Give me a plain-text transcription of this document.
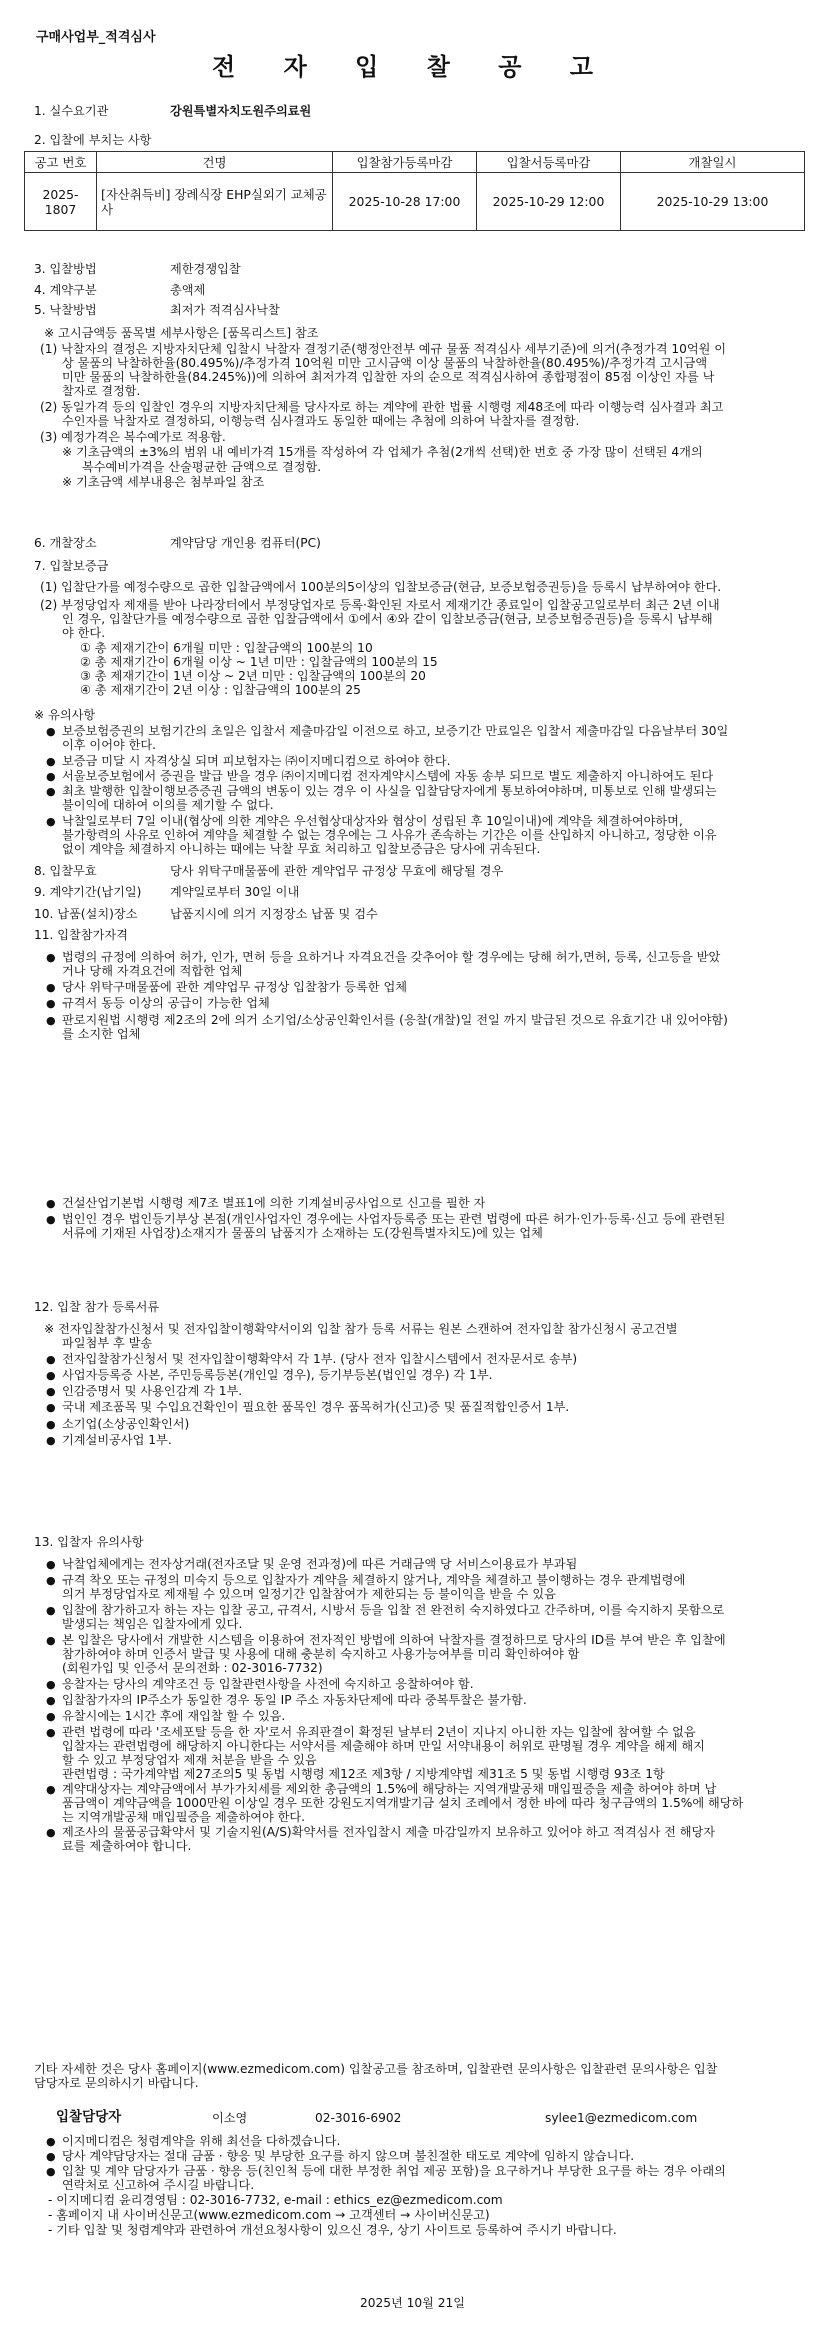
구매사업부_적격심사
전 자 입 찰 공 고
1. 실수요기관	강원특별자치도원주의료원
2. 입찰에 부치는 사항
공고 번호	건명	입찰참가등록마감	입찰서등록마감	개찰일시
2025-1807	[자산취득비] 장례식장 EHP실외기 교체공사	2025-10-28 17:00	2025-10-29 12:00	2025-10-29 13:00
3. 입찰방법	제한경쟁입찰
4. 계약구분	총액제
5. 낙찰방법	최저가 적격심사낙찰
※ 고시금액등 품목별 세부사항은 [품목리스트] 참조
(1) 낙찰자의 결정은 지방자치단체 입찰시 낙찰자 결정기준(행정안전부 예규 물품 적격심사 세부기준)에 의거(추정가격 10억원 이
상 물품의 낙찰하한율(80.495%)/추정가격 10억원 미만 고시금액 이상 물품의 낙찰하한율(80.495%)/추정가격 고시금액
미만 물품의 낙찰하한율(84.245%))에 의하여 최저가격 입찰한 자의 순으로 적격심사하여 종합평점이 85점 이상인 자를 낙
찰자로 결정함.
(2) 동일가격 등의 입찰인 경우의 지방자치단체를 당사자로 하는 계약에 관한 법률 시행령 제48조에 따라 이행능력 심사결과 최고
수인자를 낙찰자로 결정하되, 이행능력 심사결과도 동일한 때에는 추첨에 의하여 낙찰자를 결정함.
(3) 예정가격은 복수예가로 적용함.
※ 기초금액의 ±3%의 범위 내 예비가격 15개를 작성하여 각 업체가 추첨(2개씩 선택)한 번호 중 가장 많이 선택된 4개의
복수예비가격을 산술평균한 금액으로 결정함.
※ 기초금액 세부내용은 첨부파일 참조
6. 개찰장소	계약담당 개인용 컴퓨터(PC)
7. 입찰보증금
(1) 입찰단가를 예정수량으로 곱한 입찰금액에서 100분의5이상의 입찰보증금(현금, 보증보험증권등)을 등록시 납부하여야 한다.
(2) 부정당업자 제재를 받아 나라장터에서 부정당업자로 등록·확인된 자로서 제재기간 종료일이 입찰공고일로부터 최근 2년 이내
인 경우, 입찰단가를 예정수량으로 곱한 입찰금액에서 ①에서 ④와 같이 입찰보증금(현금, 보증보험증권등)을 등록시 납부해
야 한다.
① 총 제재기간이 6개월 미만 : 입찰금액의 100분의 10
② 총 제재기간이 6개월 이상 ~ 1년 미만 : 입찰금액의 100분의 15
③ 총 제재기간이 1년 이상 ~ 2년 미만 : 입찰금액의 100분의 20
④ 총 제재기간이 2년 이상 : 입찰금액의 100분의 25
※ 유의사항
● 보증보험증권의 보험기간의 초일은 입찰서 제출마감일 이전으로 하고, 보증기간 만료일은 입찰서 제출마감일 다음날부터 30일
이후 이어야 한다.
● 보증금 미달 시 자격상실 되며 피보험자는 ㈜이지메디컴으로 하여야 한다.
● 서울보증보험에서 증권을 발급 받을 경우 ㈜이지메디컴 전자계약시스템에 자동 송부 되므로 별도 제출하지 아니하여도 된다
● 최초 발행한 입찰이행보증증권 금액의 변동이 있는 경우 이 사실을 입찰담당자에게 통보하여야하며, 미통보로 인해 발생되는
불이익에 대하여 이의를 제기할 수 없다.
● 낙찰일로부터 7일 이내(협상에 의한 계약은 우선협상대상자와 협상이 성립된 후 10일이내)에 계약을 체결하여야하며,
불가항력의 사유로 인하여 계약을 체결할 수 없는 경우에는 그 사유가 존속하는 기간은 이를 산입하지 아니하고, 정당한 이유
없이 계약을 체결하지 아니하는 때에는 낙찰 무효 처리하고 입찰보증금은 당사에 귀속된다.
8. 입찰무효	당사 위탁구매물품에 관한 계약업무 규정상 무효에 해당될 경우
9. 계약기간(납기일) 계약일로부터 30일 이내
10. 납품(설치)장소	납품지시에 의거 지정장소 납품 및 검수
11. 입찰참가자격
● 법령의 규정에 의하여 허가, 인가, 면허 등을 요하거나 자격요건을 갖추어야 할 경우에는 당해 허가,면허, 등록, 신고등을 받았
거나 당해 자격요건에 적합한 업체
● 당사 위탁구매물품에 관한 계약업무 규정상 입찰참가 등록한 업체
● 규격서 동등 이상의 공급이 가능한 업체
● 판로지원법 시행령 제2조의 2에 의거 소기업/소상공인확인서를 (응찰(개찰)일 전일 까지 발급된 것으로 유효기간 내 있어야함)
를 소지한 업체
● 건설산업기본법 시행령 제7조 별표1에 의한 기계설비공사업으로 신고를 필한 자
● 법인인 경우 법인등기부상 본점(개인사업자인 경우에는 사업자등록증 또는 관련 법령에 따른 허가·인가·등록·신고 등에 관련된
서류에 기재된 사업장)소재지가 물품의 납품지가 소재하는 도(강원특별자치도)에 있는 업체
12. 입찰 참가 등록서류
※ 전자입찰참가신청서 및 전자입찰이행확약서이외 입찰 참가 등록 서류는 원본 스캔하여 전자입찰 참가신청시 공고건별
파일첨부 후 발송
● 전자입찰참가신청서 및 전자입찰이행확약서 각 1부. (당사 전자 입찰시스템에서 전자문서로 송부)
● 사업자등록증 사본, 주민등록등본(개인일 경우), 등기부등본(법인일 경우) 각 1부.
● 인감증명서 및 사용인감계 각 1부.
● 국내 제조품목 및 수입요건확인이 필요한 품목인 경우 품목허가(신고)증 및 품질적합인증서 1부.
● 소기업(소상공인확인서)
● 기계설비공사업 1부.
13. 입찰자 유의사항
● 낙찰업체에게는 전자상거래(전자조달 및 운영 전과정)에 따른 거래금액 당 서비스이용료가 부과됨
● 규격 착오 또는 규정의 미숙지 등으로 입찰자가 계약을 체결하지 않거나, 계약을 체결하고 불이행하는 경우 관계법령에
의거 부정당업자로 제재될 수 있으며 일정기간 입찰참여가 제한되는 등 불이익을 받을 수 있음
● 입찰에 참가하고자 하는 자는 입찰 공고, 규격서, 시방서 등을 입찰 전 완전히 숙지하였다고 간주하며, 이를 숙지하지 못함으로
발생되는 책임은 입찰자에게 있다.
● 본 입찰은 당사에서 개발한 시스템을 이용하여 전자적인 방법에 의하여 낙찰자를 결정하므로 당사의 ID를 부여 받은 후 입찰에
참가하여야 하며 인증서 발급 및 사용에 대해 충분히 숙지하고 사용가능여부를 미리 확인하여야 함
(회원가입 및 인증서 문의전화 : 02-3016-7732)
● 응찰자는 당사의 계약조건 등 입찰관련사항을 사전에 숙지하고 응찰하여야 함.
● 입찰참가자의 IP주소가 동일한 경우 동일 IP 주소 자동차단제에 따라 중복투찰은 불가함.
● 유찰시에는 1시간 후에 재입찰 할 수 있음.
● 관련 법령에 따라 '조세포탈 등을 한 자'로서 유죄판결이 확정된 날부터 2년이 지나지 아니한 자는 입찰에 참여할 수 없음
입찰자는 관련법령에 해당하지 아니한다는 서약서를 제출해야 하며 만일 서약내용이 허위로 판명될 경우 계약을 해제 해지
할 수 있고 부정당업자 제재 처분을 받을 수 있음
관련법령 : 국가계약법 제27조의5 및 동법 시행령 제12조 제3항 / 지방계약법 제31조 5 및 동법 시행령 93조 1항
● 계약대상자는 계약금액에서 부가가치세를 제외한 총금액의 1.5%에 해당하는 지역개발공채 매입필증을 제출 하여야 하며 납
품금액이 계약금액을 1000만원 이상일 경우 또한 강원도지역개발기금 설치 조례에서 정한 바에 따라 청구금액의 1.5%에 해당하
는 지역개발공채 매입필증을 제출하여야 한다.
● 제조사의 물품공급확약서 및 기술지원(A/S)확약서를 전자입찰시 제출 마감일까지 보유하고 있어야 하고 적격심사 전 해당자
료를 제출하여야 합니다.
기타 자세한 것은 당사 홈페이지(www.ezmedicom.com) 입찰공고를 참조하며, 입찰관련 문의사항은 입찰관련 문의사항은 입찰
담당자로 문의하시기 바랍니다.
입찰담당자	이소영	02-3016-6902	sylee1@ezmedicom.com
● 이지메디컴은 청렴계약을 위해 최선을 다하겠습니다.
● 당사 계약담당자는 절대 금품 · 향응 및 부당한 요구를 하지 않으며 불친절한 태도로 계약에 임하지 않습니다.
● 입찰 및 계약 담당자가 금품 · 향응 등(친인척 등에 대한 부정한 취업 제공 포함)을 요구하거나 부당한 요구를 하는 경우 아래의
연락처로 신고하여 주시길 바랍니다.
- 이지메디컴 윤리경영팀 : 02-3016-7732, e-mail : ethics_ez@ezmedicom.com
- 홈페이지 내 사이버신문고(www.ezmedicom.com → 고객센터 → 사이버신문고)
- 기타 입찰 및 청렴계약과 관련하여 개선요청사항이 있으신 경우, 상기 사이트로 등록하여 주시기 바랍니다.
2025년 10월 21일
